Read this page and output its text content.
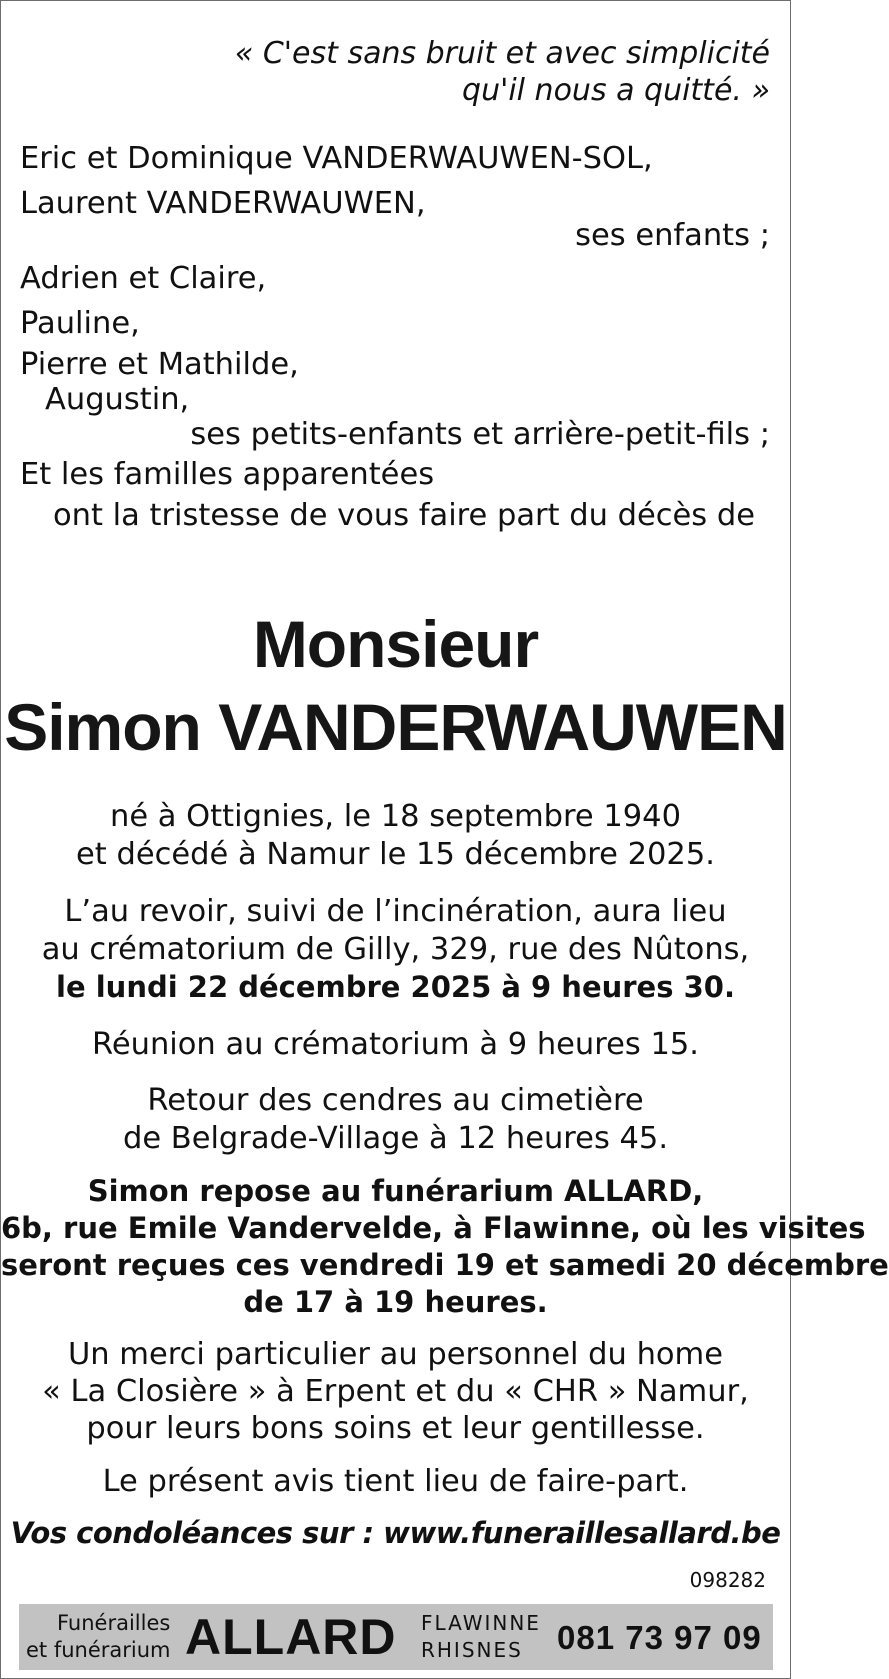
« C'est sans bruit et avec simplicité
qu'il nous a quitté. »
Eric et Dominique VANDERWAUWEN-SOL,
Laurent VANDERWAUWEN,
ses enfants ;
Adrien et Claire,
Pauline,
Pierre et Mathilde,
Augustin,
ses petits-enfants et arrière-petit-fils ;
Et les familles apparentées
ont la tristesse de vous faire part du décès de
Monsieur
Simon VANDERWAUWEN
né à Ottignies, le 18 septembre 1940
et décédé à Namur le 15 décembre 2025.
L’au revoir, suivi de l’incinération, aura lieu
au crématorium de Gilly, 329, rue des Nûtons,
le lundi 22 décembre 2025 à 9 heures 30.
Réunion au crématorium à 9 heures 15.
Retour des cendres au cimetière
de Belgrade-Village à 12 heures 45.
Simon repose au funérarium ALLARD,
6b, rue Emile Vandervelde, à Flawinne, où les visites
seront reçues ces vendredi 19 et samedi 20 décembre
de 17 à 19 heures.
Un merci particulier au personnel du home
« La Closière » à Erpent et du « CHR » Namur,
pour leurs bons soins et leur gentillesse.
Le présent avis tient lieu de faire-part.
Vos condoléances sur : www.funeraillesallard.be
098282
Funérailles
et funérarium ALLARD FLAWINNE
RHISNES 081 73 97 09
